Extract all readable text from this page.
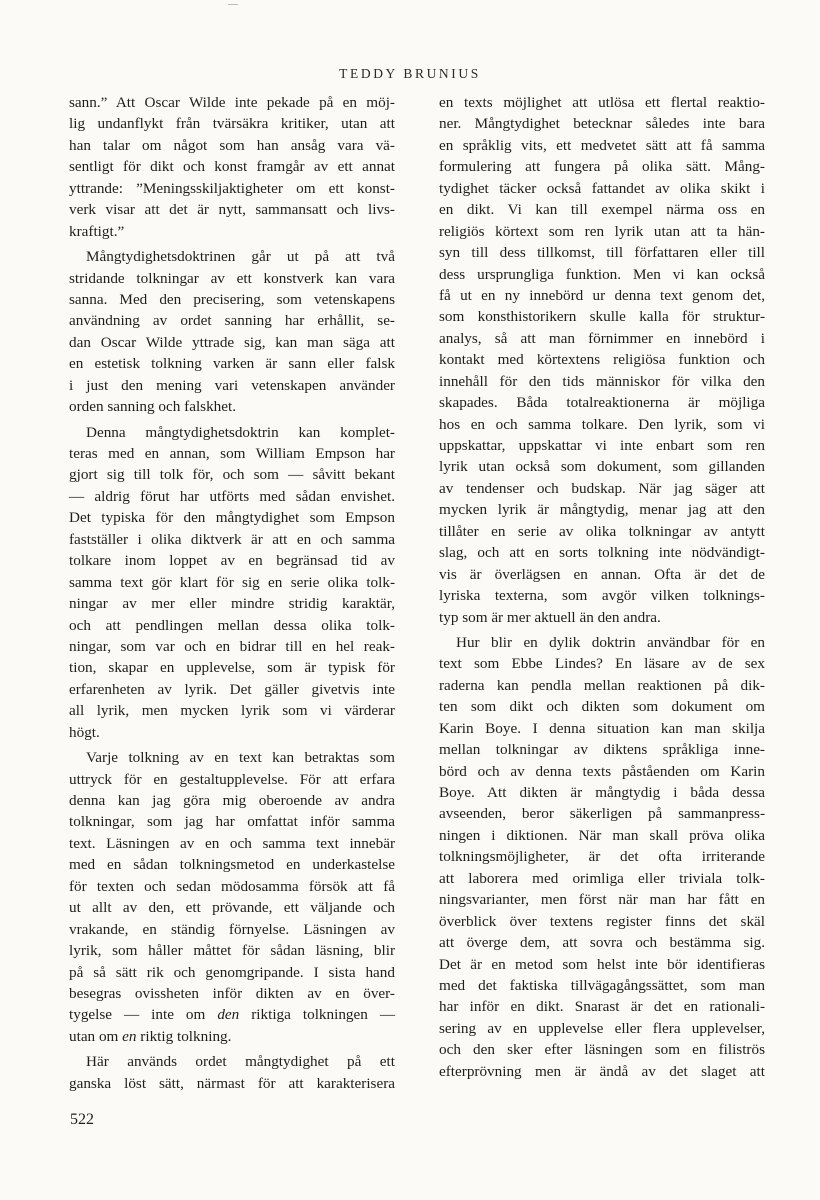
TEDDY BRUNIUS
sann.” Att Oscar Wilde inte pekade på en möj-
lig undanflykt från tvärsäkra kritiker, utan att
han talar om något som han ansåg vara vä-
sentligt för dikt och konst framgår av ett annat
yttrande: ”Meningsskiljaktigheter om ett konst-
verk visar att det är nytt, sammansatt och livs-
kraftigt.”
Mångtydighetsdoktrinen går ut på att två
stridande tolkningar av ett konstverk kan vara
sanna. Med den precisering, som vetenskapens
användning av ordet sanning har erhållit, se-
dan Oscar Wilde yttrade sig, kan man säga att
en estetisk tolkning varken är sann eller falsk
i just den mening vari vetenskapen använder
orden sanning och falskhet.
Denna mångtydighetsdoktrin kan komplet-
teras med en annan, som William Empson har
gjort sig till tolk för, och som — såvitt bekant
— aldrig förut har utförts med sådan envishet.
Det typiska för den mångtydighet som Empson
fastställer i olika diktverk är att en och samma
tolkare inom loppet av en begränsad tid av
samma text gör klart för sig en serie olika tolk-
ningar av mer eller mindre stridig karaktär,
och att pendlingen mellan dessa olika tolk-
ningar, som var och en bidrar till en hel reak-
tion, skapar en upplevelse, som är typisk för
erfarenheten av lyrik. Det gäller givetvis inte
all lyrik, men mycken lyrik som vi värderar
högt.
Varje tolkning av en text kan betraktas som
uttryck för en gestaltupplevelse. För att erfara
denna kan jag göra mig oberoende av andra
tolkningar, som jag har omfattat inför samma
text. Läsningen av en och samma text innebär
med en sådan tolkningsmetod en underkastelse
för texten och sedan mödosamma försök att få
ut allt av den, ett prövande, ett väljande och
vrakande, en ständig förnyelse. Läsningen av
lyrik, som håller måttet för sådan läsning, blir
på så sätt rik och genomgripande. I sista hand
besegras ovissheten inför dikten av en över-
tygelse — inte om den riktiga tolkningen —
utan om en riktig tolkning.
Här används ordet mångtydighet på ett
ganska löst sätt, närmast för att karakterisera
en texts möjlighet att utlösa ett flertal reaktio-
ner. Mångtydighet betecknar således inte bara
en språklig vits, ett medvetet sätt att få samma
formulering att fungera på olika sätt. Mång-
tydighet täcker också fattandet av olika skikt i
en dikt. Vi kan till exempel närma oss en
religiös körtext som ren lyrik utan att ta hän-
syn till dess tillkomst, till författaren eller till
dess ursprungliga funktion. Men vi kan också
få ut en ny innebörd ur denna text genom det,
som konsthistorikern skulle kalla för struktur-
analys, så att man förnimmer en innebörd i
kontakt med körtextens religiösa funktion och
innehåll för den tids människor för vilka den
skapades. Båda totalreaktionerna är möjliga
hos en och samma tolkare. Den lyrik, som vi
uppskattar, uppskattar vi inte enbart som ren
lyrik utan också som dokument, som gillanden
av tendenser och budskap. När jag säger att
mycken lyrik är mångtydig, menar jag att den
tillåter en serie av olika tolkningar av antytt
slag, och att en sorts tolkning inte nödvändigt-
vis är överlägsen en annan. Ofta är det de
lyriska texterna, som avgör vilken tolknings-
typ som är mer aktuell än den andra.
Hur blir en dylik doktrin användbar för en
text som Ebbe Lindes? En läsare av de sex
raderna kan pendla mellan reaktionen på dik-
ten som dikt och dikten som dokument om
Karin Boye. I denna situation kan man skilja
mellan tolkningar av diktens språkliga inne-
börd och av denna texts påståenden om Karin
Boye. Att dikten är mångtydig i båda dessa
avseenden, beror säkerligen på sammanpress-
ningen i diktionen. När man skall pröva olika
tolkningsmöjligheter, är det ofta irriterande
att laborera med orimliga eller triviala tolk-
ningsvarianter, men först när man har fått en
överblick över textens register finns det skäl
att överge dem, att sovra och bestämma sig.
Det är en metod som helst inte bör identifieras
med det faktiska tillvägagångssättet, som man
har inför en dikt. Snarast är det en rationali-
sering av en upplevelse eller flera upplevelser,
och den sker efter läsningen som en filiströs
efterprövning men är ändå av det slaget att
522
